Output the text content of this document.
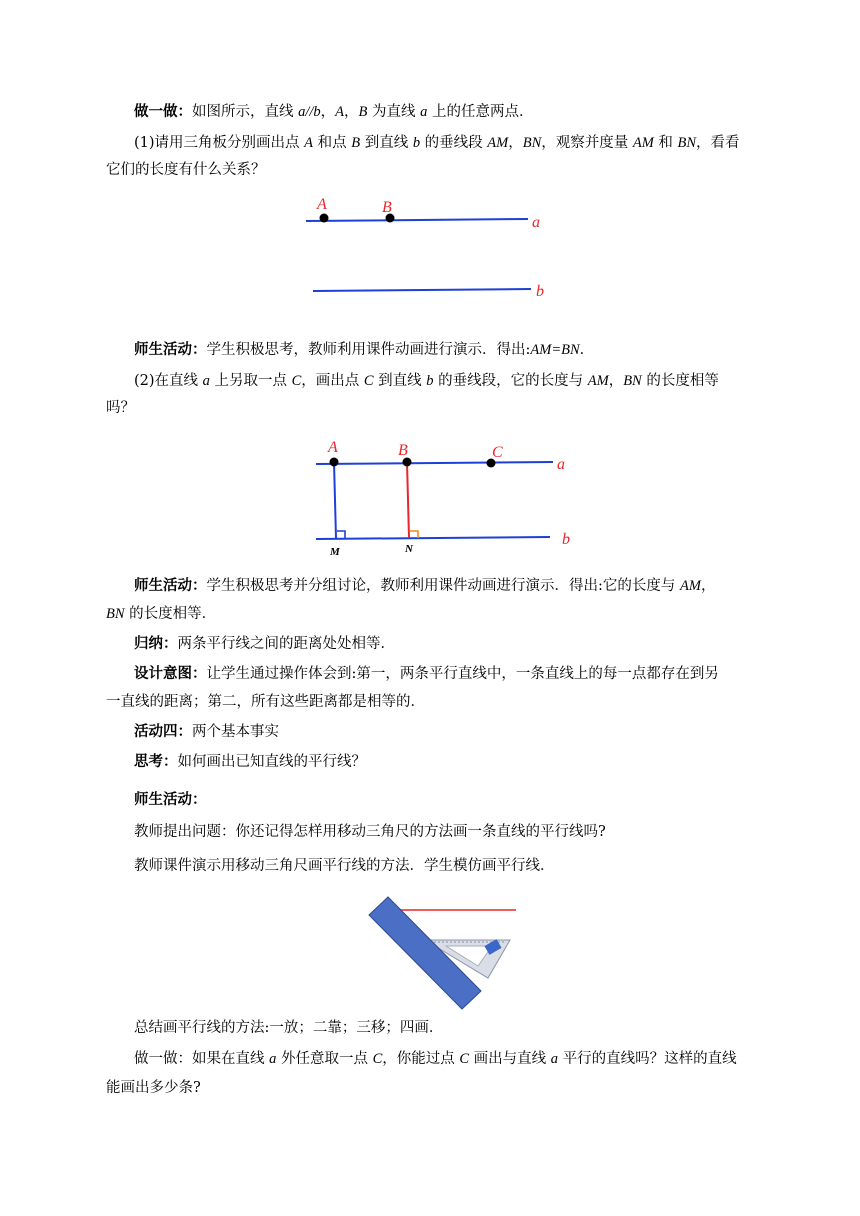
做一做：如图所示，直线 a//b，A，B 为直线 a 上的任意两点．
(1)请用三角板分别画出点 A 和点 B 到直线 b 的垂线段 AM，BN，观察并度量 AM 和 BN，看看
它们的长度有什么关系？
A	B
a
b
师生活动：学生积极思考，教师利用课件动画进行演示．得出:AM=BN．
(2)在直线 a 上另取一点 C，画出点 C 到直线 b 的垂线段，它的长度与 AM，BN 的长度相等
吗？
A	B	C
a
b
M	N
师生活动：学生积极思考并分组讨论，教师利用课件动画进行演示．得出:它的长度与 AM，
BN 的长度相等．
归纳：两条平行线之间的距离处处相等．
设计意图：让学生通过操作体会到:第一，两条平行直线中，一条直线上的每一点都存在到另
一直线的距离；第二，所有这些距离都是相等的．
活动四：两个基本事实
思考：如何画出已知直线的平行线？
师生活动：
教师提出问题：你还记得怎样用移动三角尺的方法画一条直线的平行线吗?
教师课件演示用移动三角尺画平行线的方法．学生模仿画平行线．
总结画平行线的方法:一放；二靠；三移；四画．
做一做：如果在直线 a 外任意取一点 C，你能过点 C 画出与直线 a 平行的直线吗？这样的直线
能画出多少条?
